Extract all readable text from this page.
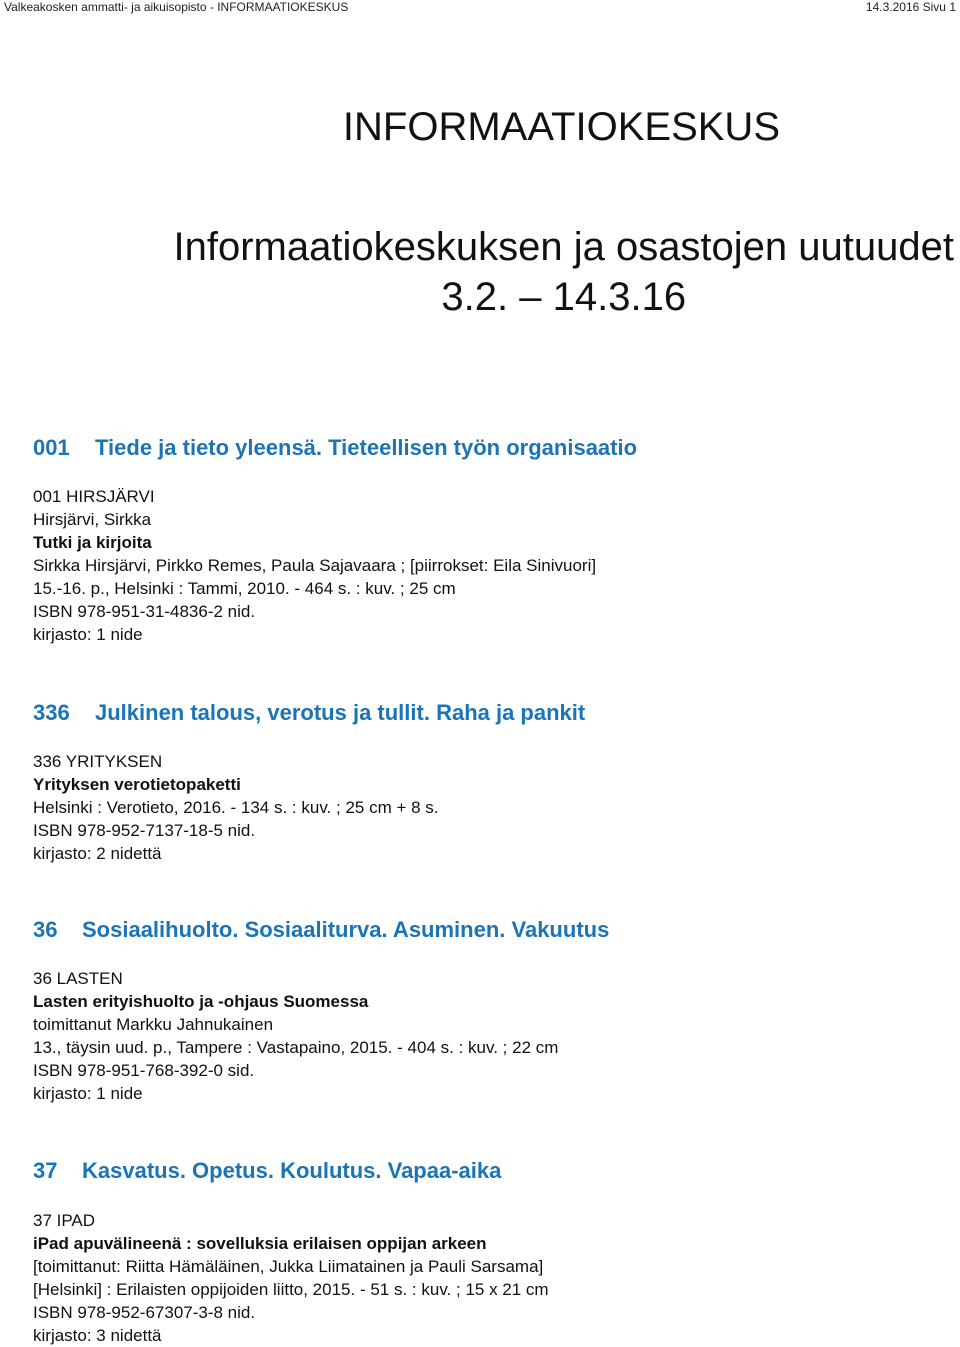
Valkeakosken ammatti- ja aikuisopisto - INFORMAATIOKESKUS	14.3.2016 Sivu 1
INFORMAATIOKESKUS
Informaatiokeskuksen ja osastojen uutuudet
3.2. – 14.3.16
001 Tiede ja tieto yleensä. Tieteellisen työn organisaatio
001 HIRSJÄRVI
Hirsjärvi, Sirkka
Tutki ja kirjoita
Sirkka Hirsjärvi, Pirkko Remes, Paula Sajavaara ; [piirrokset: Eila Sinivuori]
15.-16. p., Helsinki : Tammi, 2010. - 464 s. : kuv. ; 25 cm
ISBN 978-951-31-4836-2 nid.
kirjasto: 1 nide
336 Julkinen talous, verotus ja tullit. Raha ja pankit
336 YRITYKSEN
Yrityksen verotietopaketti
Helsinki : Verotieto, 2016. - 134 s. : kuv. ; 25 cm + 8 s.
ISBN 978-952-7137-18-5 nid.
kirjasto: 2 nidettä
36 Sosiaalihuolto. Sosiaaliturva. Asuminen. Vakuutus
36 LASTEN
Lasten erityishuolto ja -ohjaus Suomessa
toimittanut Markku Jahnukainen
13., täysin uud. p., Tampere : Vastapaino, 2015. - 404 s. : kuv. ; 22 cm
ISBN 978-951-768-392-0 sid.
kirjasto: 1 nide
37 Kasvatus. Opetus. Koulutus. Vapaa-aika
37 IPAD
iPad apuvälineenä : sovelluksia erilaisen oppijan arkeen
[toimittanut: Riitta Hämäläinen, Jukka Liimatainen ja Pauli Sarsama]
[Helsinki] : Erilaisten oppijoiden liitto, 2015. - 51 s. : kuv. ; 15 x 21 cm
ISBN 978-952-67307-3-8 nid.
kirjasto: 3 nidettä
